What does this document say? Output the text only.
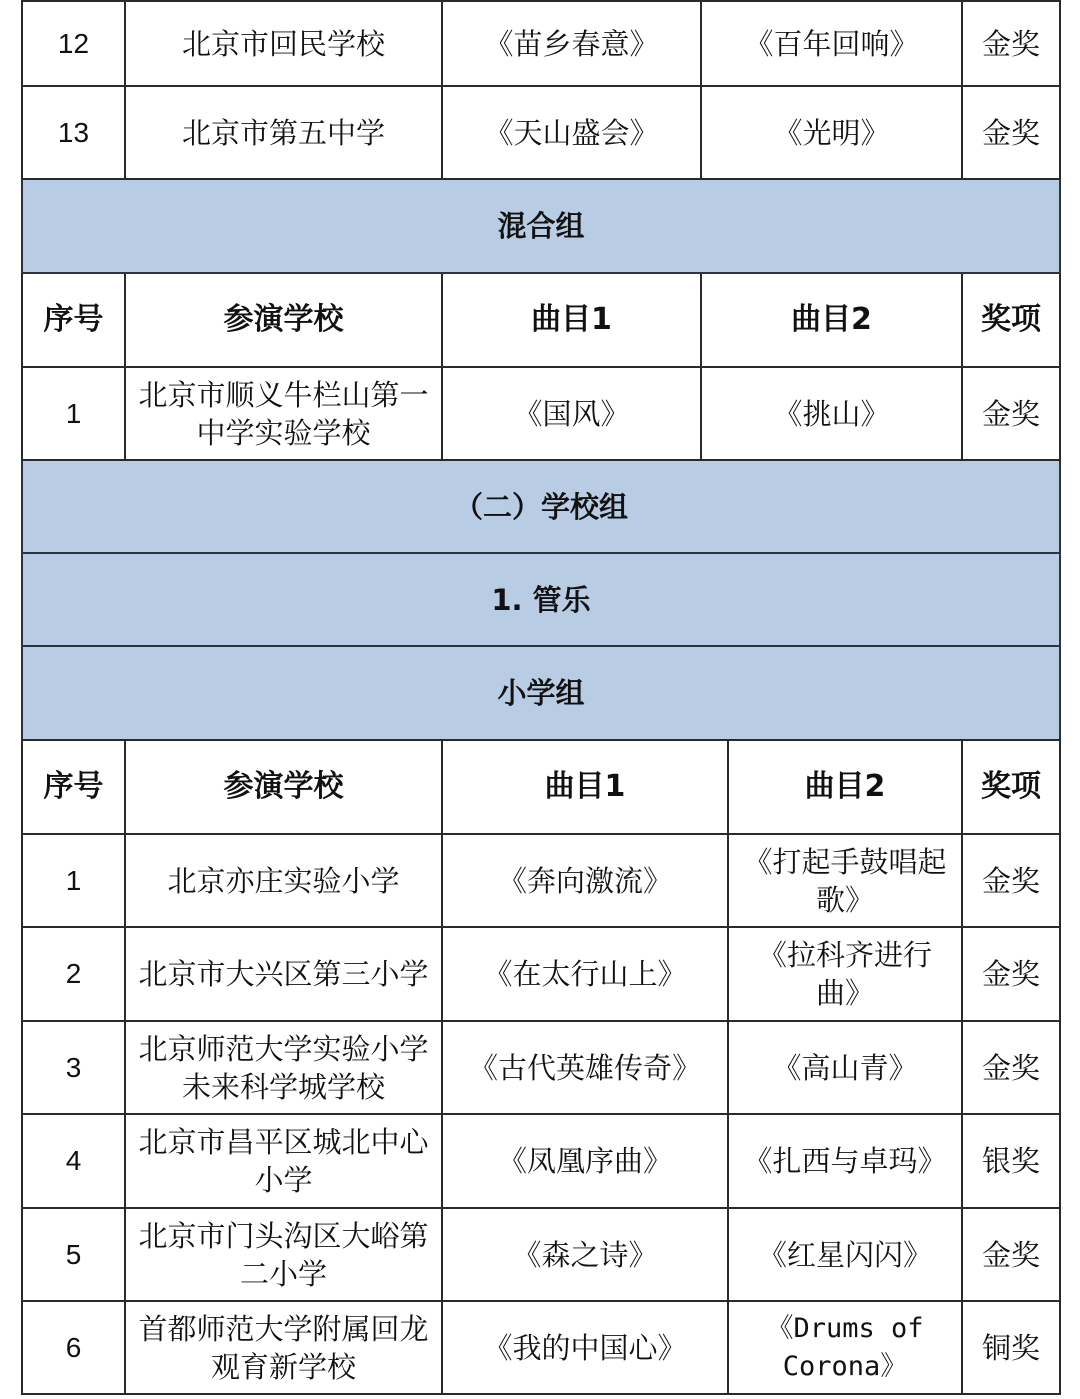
12	北京市回民学校	《苗乡春意》	《百年回响》	金奖
13	北京市第五中学	《天山盛会》	《光明》	金奖
混合组				
序号	参演学校	曲目1	曲目2	奖项
1	北京市顺义牛栏山第一中学实验学校	《国风》	《挑山》	金奖
（二）学校组				
1. 管乐				
小学组				
序号	参演学校	曲目1	曲目2	奖项
1	北京亦庄实验小学	《奔向激流》	《打起手鼓唱起歌》	金奖
2	北京市大兴区第三小学	《在太行山上》	《拉科齐进行曲》	金奖
3	北京师范大学实验小学未来科学城学校	《古代英雄传奇》	《高山青》	金奖
4	北京市昌平区城北中心小学	《凤凰序曲》	《扎西与卓玛》	银奖
5	北京市门头沟区大峪第二小学	《森之诗》	《红星闪闪》	金奖
6	首都师范大学附属回龙观育新学校	《我的中国心》	《Drums of Corona》	铜奖
